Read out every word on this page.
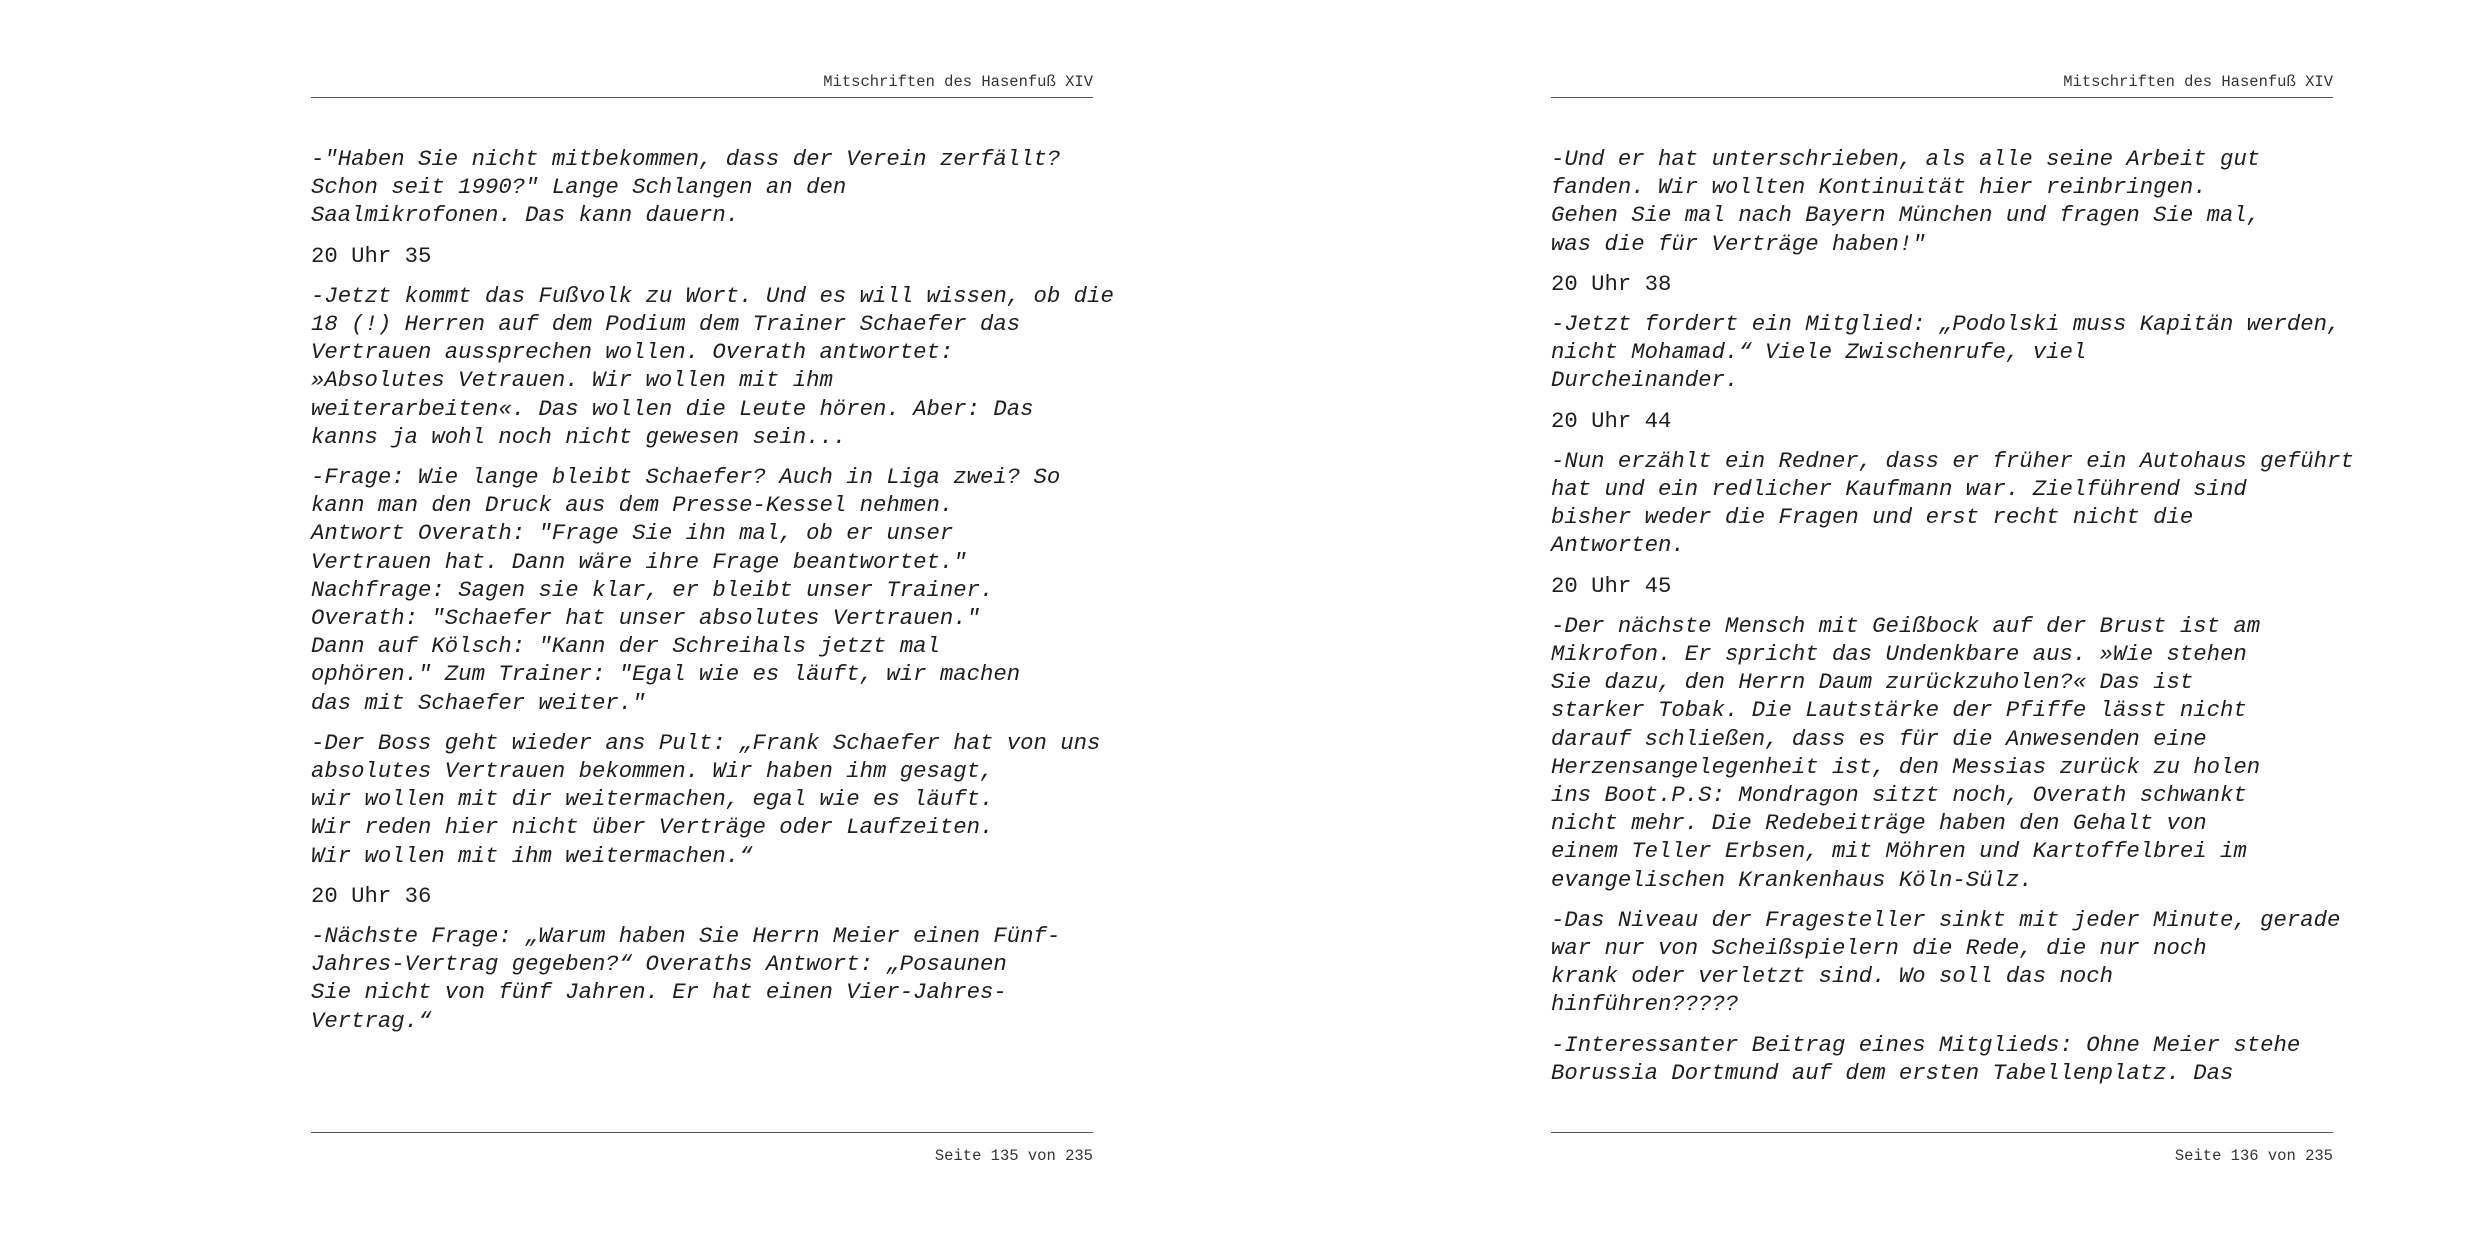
Mitschriften des Hasenfuß XIV
-"Haben Sie nicht mitbekommen, dass der Verein zerfällt?
Schon seit 1990?" Lange Schlangen an den
Saalmikrofonen. Das kann dauern.
20 Uhr 35
-Jetzt kommt das Fußvolk zu Wort. Und es will wissen, ob die
18 (!) Herren auf dem Podium dem Trainer Schaefer das
Vertrauen aussprechen wollen. Overath antwortet:
»Absolutes Vetrauen. Wir wollen mit ihm
weiterarbeiten«. Das wollen die Leute hören. Aber: Das
kanns ja wohl noch nicht gewesen sein...
-Frage: Wie lange bleibt Schaefer? Auch in Liga zwei? So
kann man den Druck aus dem Presse-Kessel nehmen.
Antwort Overath: "Frage Sie ihn mal, ob er unser
Vertrauen hat. Dann wäre ihre Frage beantwortet."
Nachfrage: Sagen sie klar, er bleibt unser Trainer.
Overath: "Schaefer hat unser absolutes Vertrauen."
Dann auf Kölsch: "Kann der Schreihals jetzt mal
ophören." Zum Trainer: "Egal wie es läuft, wir machen
das mit Schaefer weiter."
-Der Boss geht wieder ans Pult: „Frank Schaefer hat von uns
absolutes Vertrauen bekommen. Wir haben ihm gesagt,
wir wollen mit dir weitermachen, egal wie es läuft.
Wir reden hier nicht über Verträge oder Laufzeiten.
Wir wollen mit ihm weitermachen.“
20 Uhr 36
-Nächste Frage: „Warum haben Sie Herrn Meier einen Fünf-
Jahres-Vertrag gegeben?“ Overaths Antwort: „Posaunen
Sie nicht von fünf Jahren. Er hat einen Vier-Jahres-
Vertrag.“
Seite 135 von 235
Mitschriften des Hasenfuß XIV
-Und er hat unterschrieben, als alle seine Arbeit gut
fanden. Wir wollten Kontinuität hier reinbringen.
Gehen Sie mal nach Bayern München und fragen Sie mal,
was die für Verträge haben!"
20 Uhr 38
-Jetzt fordert ein Mitglied: „Podolski muss Kapitän werden,
nicht Mohamad.“ Viele Zwischenrufe, viel
Durcheinander.
20 Uhr 44
-Nun erzählt ein Redner, dass er früher ein Autohaus geführt
hat und ein redlicher Kaufmann war. Zielführend sind
bisher weder die Fragen und erst recht nicht die
Antworten.
20 Uhr 45
-Der nächste Mensch mit Geißbock auf der Brust ist am
Mikrofon. Er spricht das Undenkbare aus. »Wie stehen
Sie dazu, den Herrn Daum zurückzuholen?« Das ist
starker Tobak. Die Lautstärke der Pfiffe lässt nicht
darauf schließen, dass es für die Anwesenden eine
Herzensangelegenheit ist, den Messias zurück zu holen
ins Boot.P.S: Mondragon sitzt noch, Overath schwankt
nicht mehr. Die Redebeiträge haben den Gehalt von
einem Teller Erbsen, mit Möhren und Kartoffelbrei im
evangelischen Krankenhaus Köln-Sülz.
-Das Niveau der Fragesteller sinkt mit jeder Minute, gerade
war nur von Scheißspielern die Rede, die nur noch
krank oder verletzt sind. Wo soll das noch
hinführen?????
-Interessanter Beitrag eines Mitglieds: Ohne Meier stehe
Borussia Dortmund auf dem ersten Tabellenplatz. Das
Seite 136 von 235
